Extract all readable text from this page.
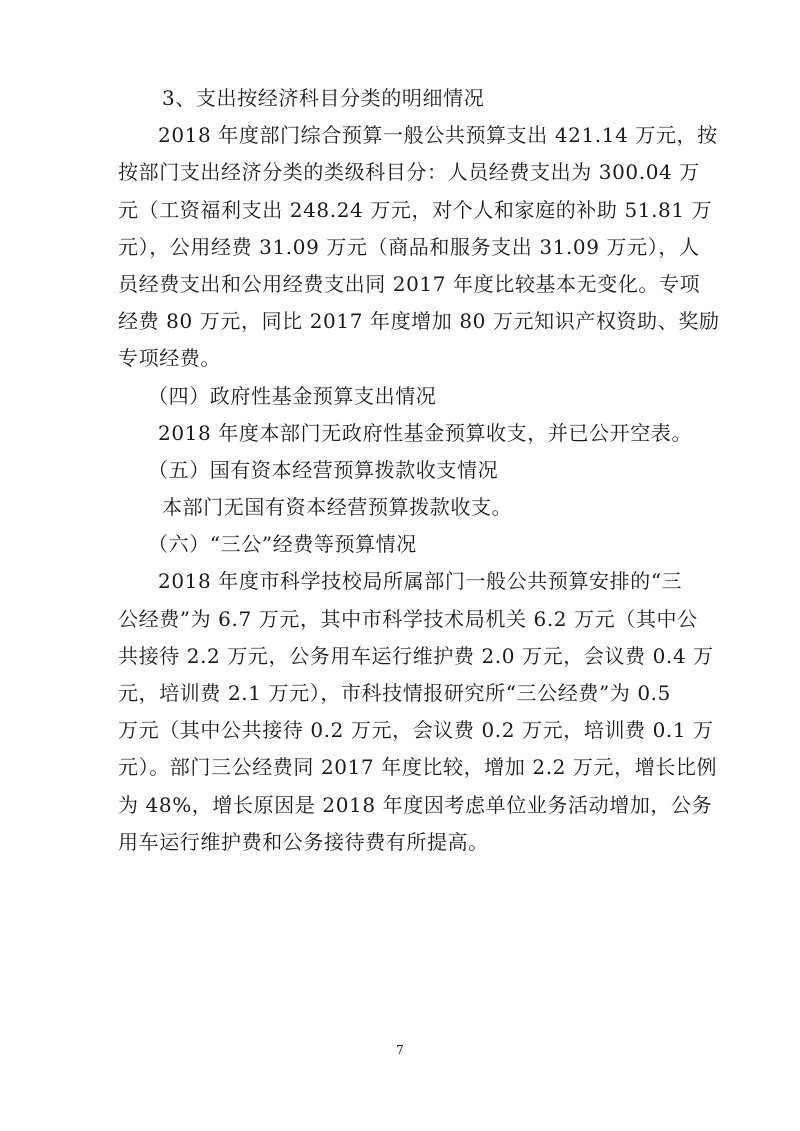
3、支出按经济科目分类的明细情况
2018 年度部门综合预算一般公共预算支出 421.14 万元，按
按部门支出经济分类的类级科目分：人员经费支出为 300.04 万
元（工资福利支出 248.24 万元，对个人和家庭的补助 51.81 万
元），公用经费 31.09 万元（商品和服务支出 31.09 万元），人
员经费支出和公用经费支出同 2017 年度比较基本无变化。专项
经费 80 万元，同比 2017 年度增加 80 万元知识产权资助、奖励
专项经费。
（四）政府性基金预算支出情况
2018 年度本部门无政府性基金预算收支，并已公开空表。
（五）国有资本经营预算拨款收支情况
本部门无国有资本经营预算拨款收支。
（六）“三公”经费等预算情况
2018 年度市科学技校局所属部门一般公共预算安排的“三
公经费”为 6.7 万元，其中市科学技术局机关 6.2 万元（其中公
共接待 2.2 万元，公务用车运行维护费 2.0 万元，会议费 0.4 万
元，培训费 2.1 万元），市科技情报研究所“三公经费”为 0.5
万元（其中公共接待 0.2 万元，会议费 0.2 万元，培训费 0.1 万
元）。部门三公经费同 2017 年度比较，增加 2.2 万元，增长比例
为 48%，增长原因是 2018 年度因考虑单位业务活动增加，公务
用车运行维护费和公务接待费有所提高。
7
